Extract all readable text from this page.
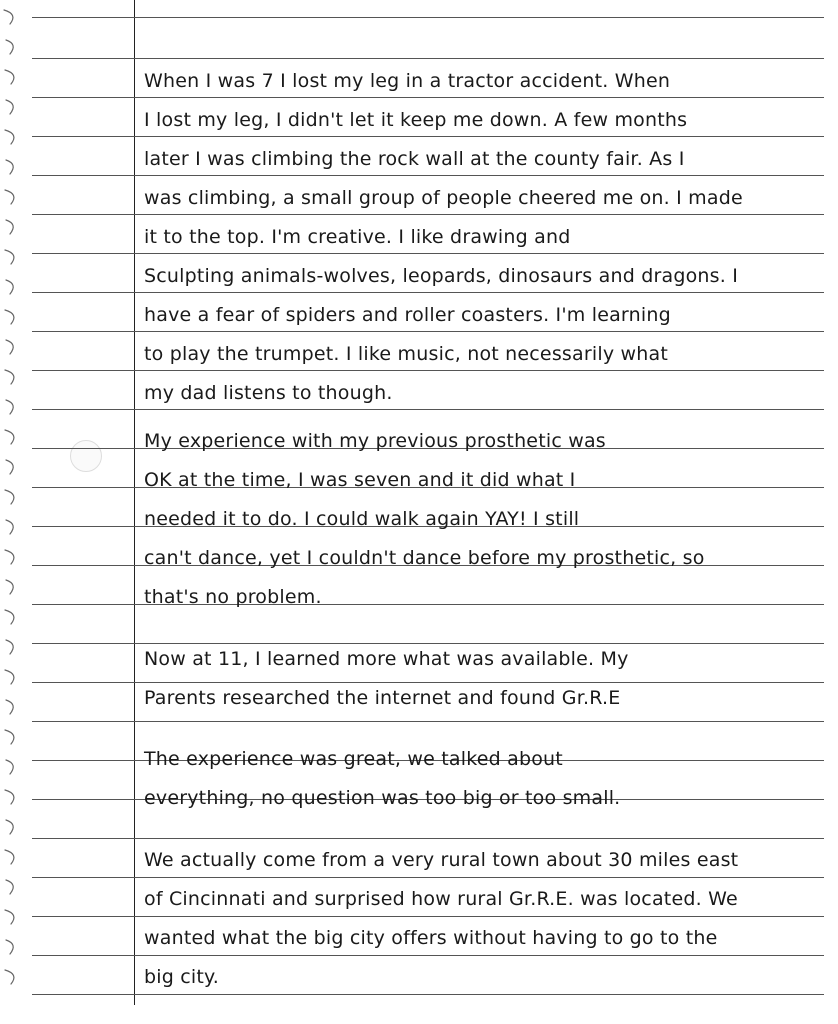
When I was 7 I lost my leg in a tractor accident. When
I lost my leg, I didn't let it keep me down. A few months
later I was climbing the rock wall at the county fair. As I
was climbing, a small group of people cheered me on. I made
it to the top. I'm creative. I like drawing and
Sculpting animals-wolves, leopards, dinosaurs and dragons. I
have a fear of spiders and roller coasters. I'm learning
to play the trumpet. I like music, not necessarily what
my dad listens to though.
My experience with my previous prosthetic was
OK at the time, I was seven and it did what I
needed it to do. I could walk again YAY! I still
can't dance, yet I couldn't dance before my prosthetic, so
that's no problem.
Now at 11, I learned more what was available. My
Parents researched the internet and found Gr.R.E
The experience was great, we talked about
everything, no question was too big or too small.
We actually come from a very rural town about 30 miles east
of Cincinnati and surprised how rural Gr.R.E. was located. We
wanted what the big city offers without having to go to the
big city.
